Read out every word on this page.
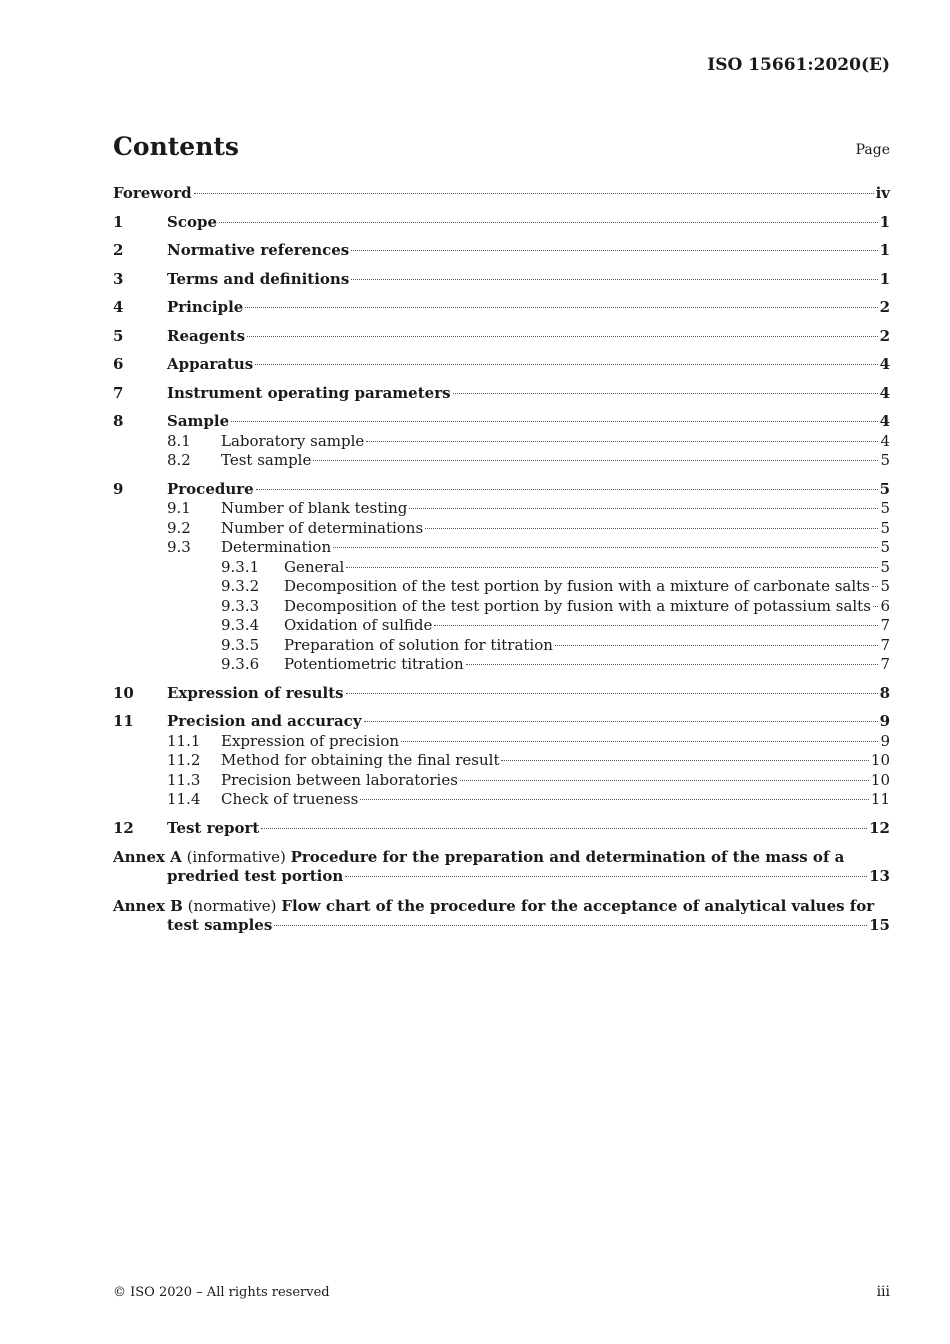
ISO 15661:2020(E)
Contents	Page
Foreword	iv
1	Scope	1
2	Normative references	1
3	Terms and definitions	1
4	Principle	2
5	Reagents	2
6	Apparatus	4
7	Instrument operating parameters	4
8	Sample	4
8.1	Laboratory sample	4
8.2	Test sample	5
9	Procedure	5
9.1	Number of blank testing	5
9.2	Number of determinations	5
9.3	Determination	5
9.3.1	General	5
9.3.2	Decomposition of the test portion by fusion with a mixture of carbonate salts 5
9.3.3	Decomposition of the test portion by fusion with a mixture of potassium salts 6
9.3.4	Oxidation of sulfide	7
9.3.5	Preparation of solution for titration	7
9.3.6	Potentiometric titration	7
10	Expression of results	8
11	Precision and accuracy	9
11.1	Expression of precision	9
11.2	Method for obtaining the final result	10
11.3	Precision between laboratories	10
11.4	Check of trueness	11
12	Test report	12
Annex A (informative) Procedure for the preparation and determination of the mass of a
predried test portion	13
Annex B (normative) Flow chart of the procedure for the acceptance of analytical values for
test samples	15
© ISO 2020 – All rights reserved	iii
